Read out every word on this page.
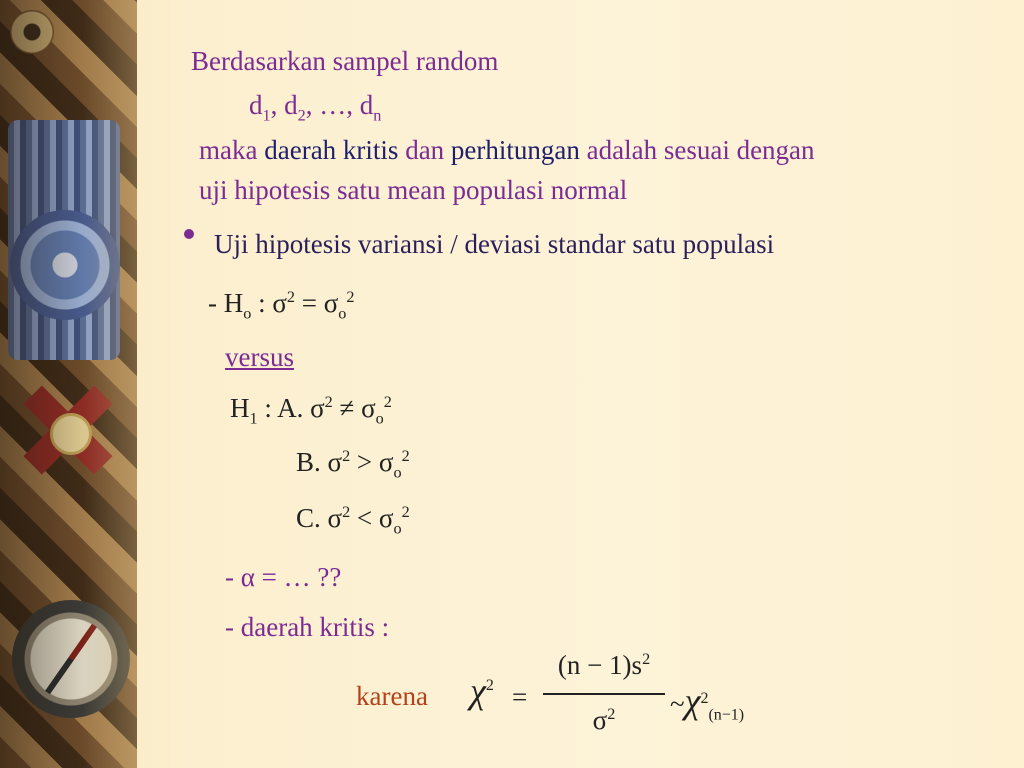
Berdasarkan sampel random
$d_1$, $d_2$, …, $d_n$
maka daerah kritis dan perhitungan adalah sesuai dengan
uji hipotesis satu mean populasi normal
Uji hipotesis variansi / deviasi standar satu populasi
- $H_o$ : $\sigma^2 = \sigma_o^2$
versus
$H_1$ : A. $\sigma^2 \ne \sigma_o^2$
B. $\sigma^2 > \sigma_o^2$
C. $\sigma^2 < \sigma_o^2$
- α = … ??
- daerah kritis :
karena $\chi^2$ =
$(n - 1)s^2$
$\sigma^2$	$\sim\chi^2_{(n-1)}$
